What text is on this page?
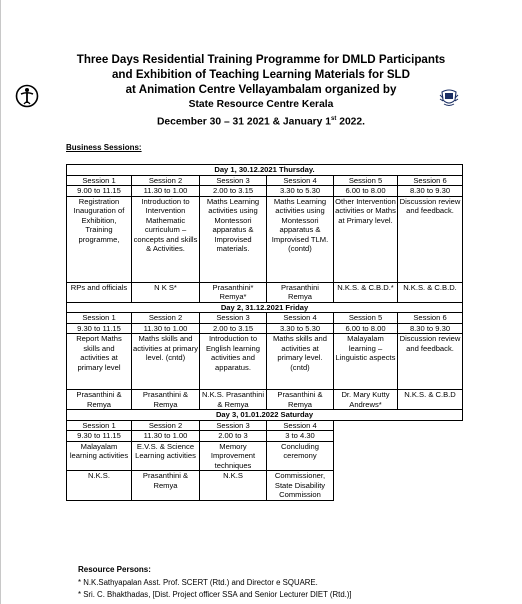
Three Days Residential Training Programme for DMLD Participants
and Exhibition of Teaching Learning Materials for SLD
at Animation Centre Vellayambalam organized by
State Resource Centre Kerala
December 30 – 31 2021 & January 1st 2022.
Business Sessions:
Day 1, 30.12.2021 Thursday.					
Session 1	Session 2	Session 3	Session 4	Session 5	Session 6
9.00 to 11.15	11.30 to 1.00	2.00 to 3.15	3.30 to 5.30	6.00 to 8.00	8.30 to 9.30
Registration Inauguration of Exhibition, Training programme,	Introduction to Intervention Mathematic curriculum – concepts and skills & Activities.	Maths Learning activities using Montessori apparatus & Improvised materials.	Maths Learning activities using Montessori apparatus & Improvised TLM. (contd)	Other Intervention activities or Maths at Primary level.	Discussion review and feedback.
RPs and officials	N K S*	Prasanthini* Remya*	Prasanthini Remya	N.K.S. & C.B.D.*	N.K.S. & C.B.D.
Day 2, 31.12.2021 Friday					
Session 1	Session 2	Session 3	Session 4	Session 5	Session 6
9.30 to 11.15	11.30 to 1.00	2.00 to 3.15	3.30 to 5.30	6.00 to 8.00	8.30 to 9.30
Report Maths skills and activities at primary level	Maths skills and activities at primary level. (cntd)	Introduction to English learning activities and apparatus.	Maths skills and activities at primary level. (cntd)	Malayalam learning – Linguistic aspects	Discussion review and feedback.
Prasanthini & Remya	Prasanthini & Remya	N.K.S. Prasanthini & Remya	Prasanthini & Remya	Dr. Mary Kutty Andrews*	N.K.S. & C.B.D
Day 3, 01.01.2022 Saturday					
Session 1	Session 2	Session 3	Session 4		
9.30 to 11.15	11.30 to 1.00	2.00 to 3	3 to 4.30		
Malayalam learning activities	E.V.S. & Science Learning activities	Memory Improvement techniques	Concluding ceremony		
N.K.S.	Prasanthini & Remya	N.K.S	Commissioner, State Disability Commission		
Resource Persons:
* N.K.Sathyapalan Asst. Prof. SCERT (Rtd.) and Director e SQUARE.
* Sri. C. Bhakthadas, [Dist. Project officer SSA and Senior Lecturer DIET (Rtd.)]
